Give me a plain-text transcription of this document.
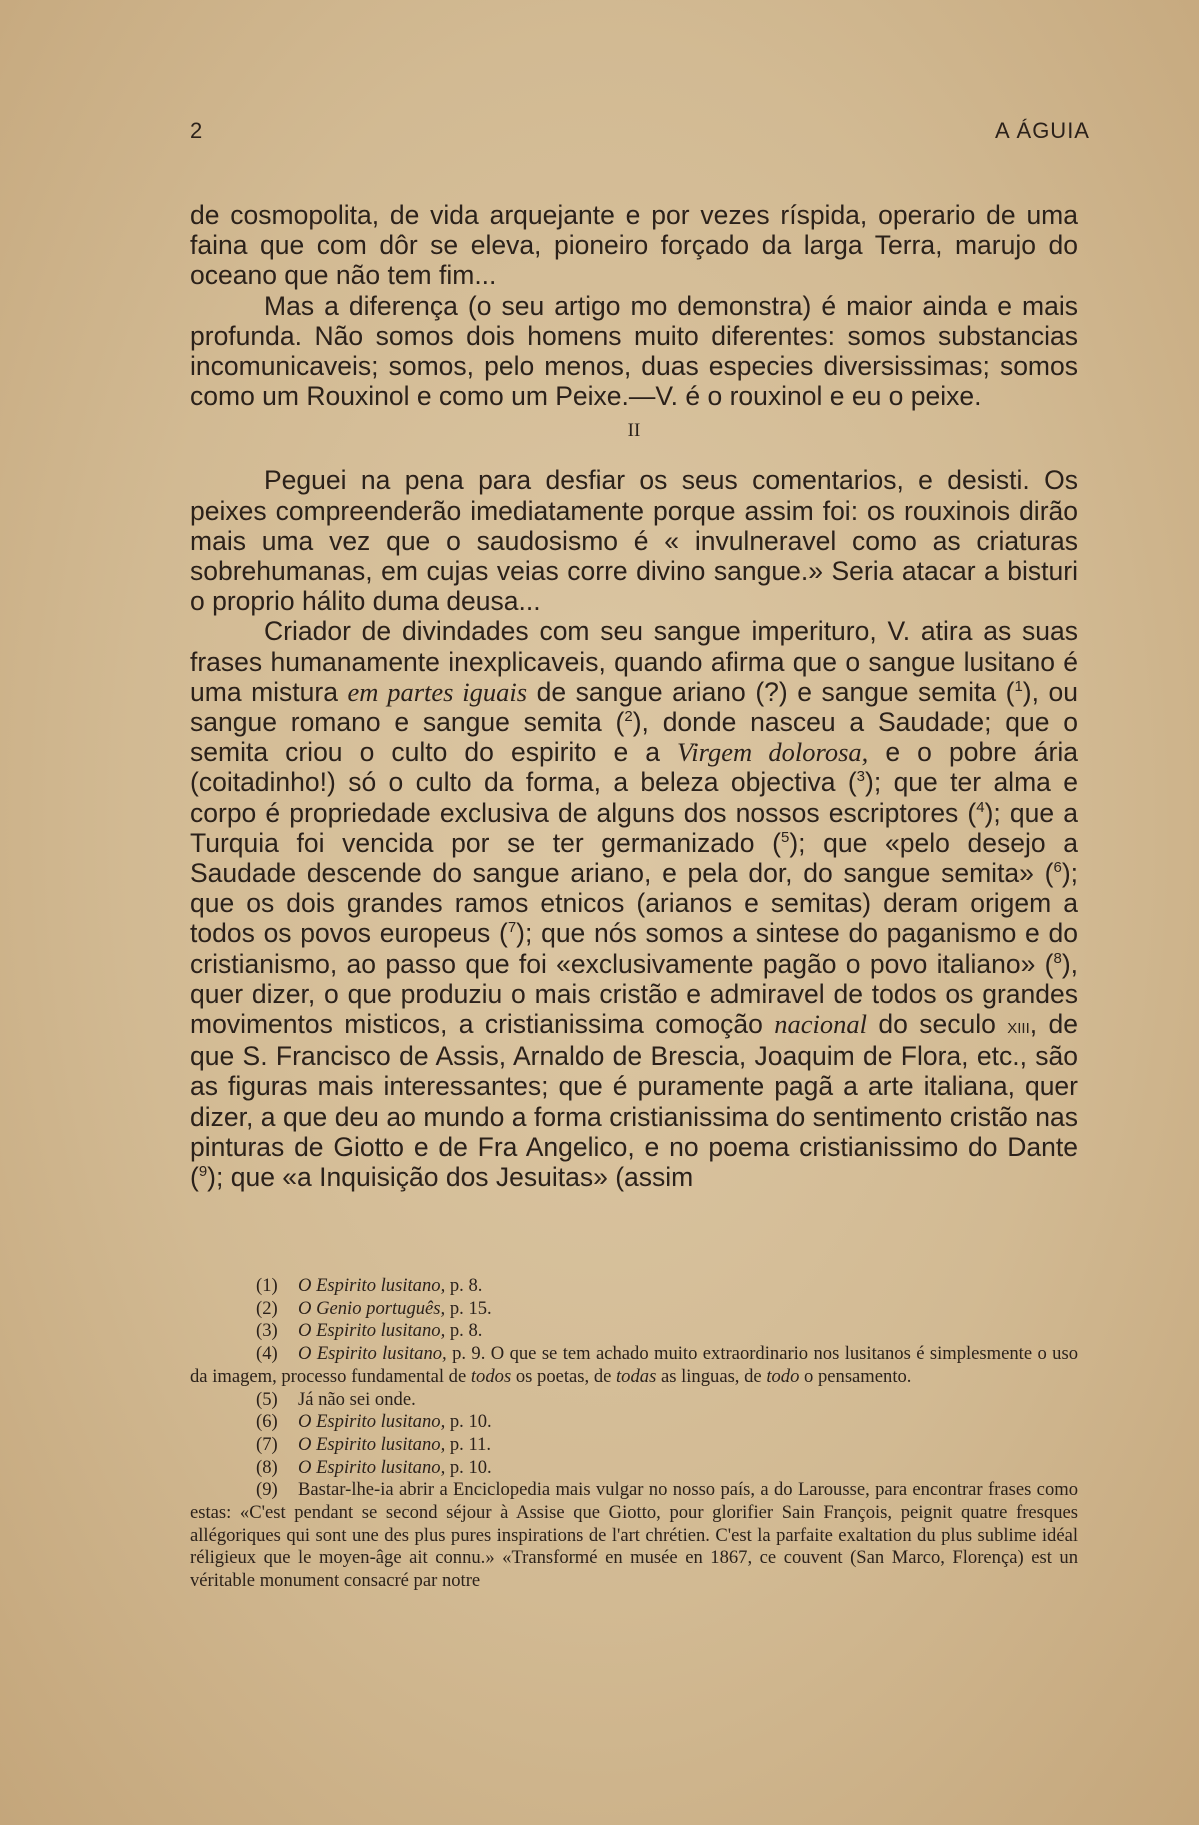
2	A ÁGUIA

de cosmopolita, de vida arquejante e por vezes ríspida, operario de uma faina que com dôr se eleva, pioneiro forçado da larga Terra, marujo do oceano que não tem fim...

Mas a diferença (o seu artigo mo demonstra) é maior ainda e mais profunda. Não somos dois homens muito diferentes: somos substancias incomunicaveis; somos, pelo menos, duas especies diversissimas; somos como um Rouxinol e como um Peixe.—V. é o rouxinol e eu o peixe.

II

Peguei na pena para desfiar os seus comentarios, e desisti. Os peixes compreenderão imediatamente porque assim foi: os rouxinois dirão mais uma vez que o saudosismo é « invulneravel como as criaturas sobrehumanas, em cujas veias corre divino sangue.» Seria atacar a bisturi o proprio hálito duma deusa...

Criador de divindades com seu sangue imperituro, V. atira as suas frases humanamente inexplicaveis, quando afirma que o sangue lusitano é uma mistura em partes iguais de sangue ariano (?) e sangue semita ($^1$), ou sangue romano e sangue semita ($^2$), donde nasceu a Saudade; que o semita criou o culto do espirito e a Virgem dolorosa, e o pobre ária (coitadinho!) só o culto da forma, a beleza objectiva ($^3$); que ter alma e corpo é propriedade exclusiva de alguns dos nossos escriptores ($^4$); que a Turquia foi vencida por se ter germanizado ($^5$); que «pelo desejo a Saudade descende do sangue ariano, e pela dor, do sangue semita» ($^6$); que os dois grandes ramos etnicos (arianos e semitas) deram origem a todos os povos europeus ($^7$); que nós somos a sintese do paganismo e do cristianismo, ao passo que foi «exclusivamente pagão o povo italiano» ($^8$), quer dizer, o que produziu o mais cristão e admiravel de todos os grandes movimentos misticos, a cristianissima comoção nacional do seculo xiii, de que S. Francisco de Assis, Arnaldo de Brescia, Joaquim de Flora, etc., são as figuras mais interessantes; que é puramente pagã a arte italiana, quer dizer, a que deu ao mundo a forma cristianissima do sentimento cristão nas pinturas de Giotto e de Fra Angelico, e no poema cristianissimo do Dante ($^9$); que «a Inquisição dos Jesuitas» (assim

(1) O Espirito lusitano, p. 8.

(2) O Genio português, p. 15.

(3) O Espirito lusitano, p. 8.

(4) O Espirito lusitano, p. 9. O que se tem achado muito extraordinario nos lusitanos é simplesmente o uso da imagem, processo fundamental de todos os poetas, de todas as linguas, de todo o pensamento.

(5) Já não sei onde.

(6) O Espirito lusitano, p. 10.

(7) O Espirito lusitano, p. 11.

(8) O Espirito lusitano, p. 10.

(9) Bastar-lhe-ia abrir a Enciclopedia mais vulgar no nosso país, a do Larousse, para encontrar frases como estas: «C'est pendant se second séjour à Assise que Giotto, pour glorifier Sain François, peignit quatre fresques allégoriques qui sont une des plus pures inspirations de l'art chrétien. C'est la parfaite exaltation du plus sublime idéal réligieux que le moyen-âge ait connu.» «Transformé en musée en 1867, ce couvent (San Marco, Florença) est un véritable monument consacré par notre
